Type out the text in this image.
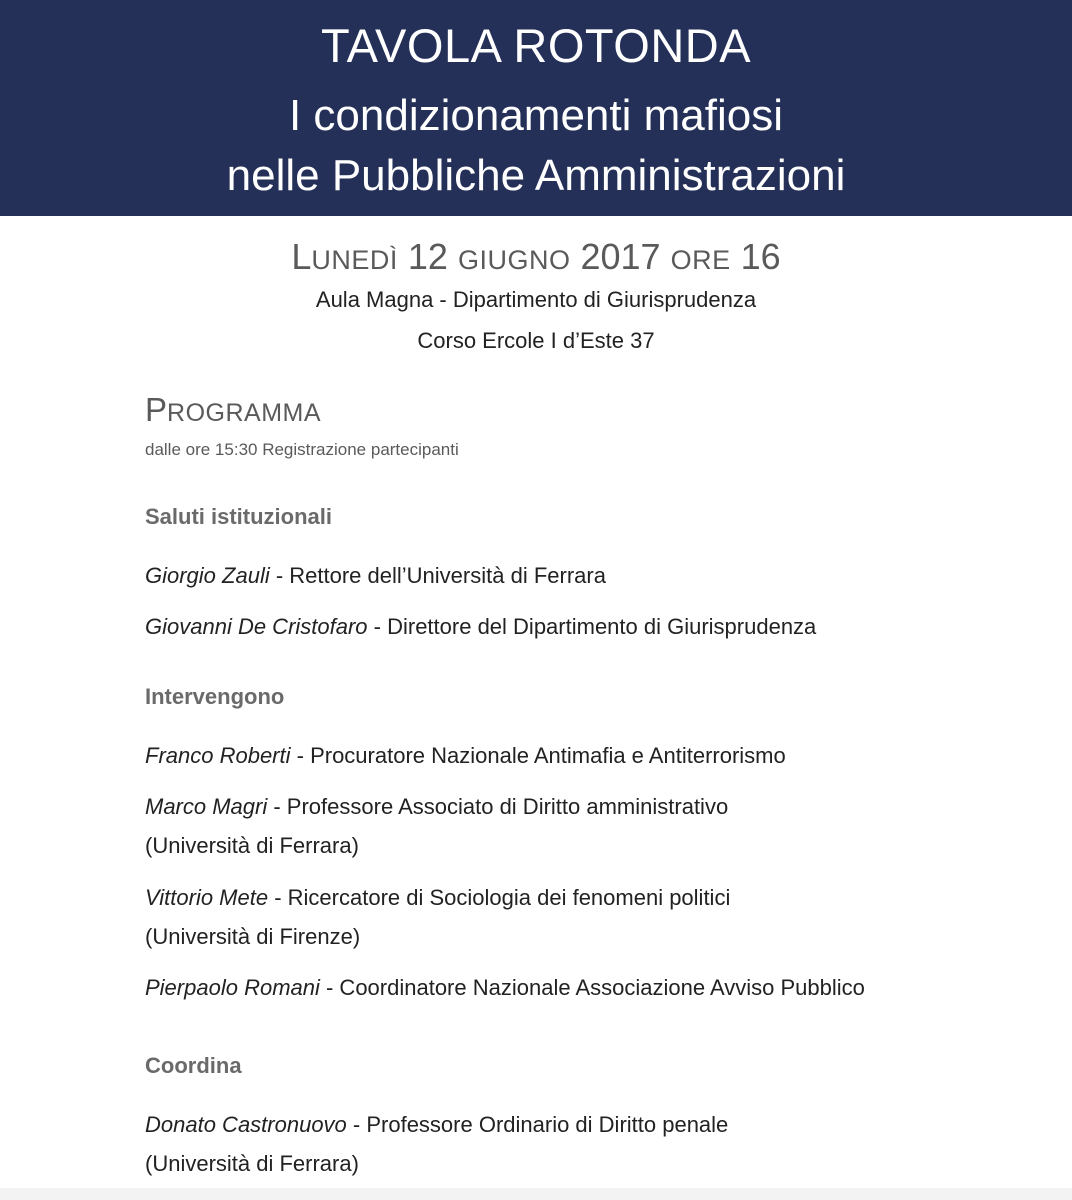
TAVOLA ROTONDA
I condizionamenti mafiosi
nelle Pubbliche Amministrazioni
LUNEDÌ 12 GIUGNO 2017 ORE 16
Aula Magna - Dipartimento di Giurisprudenza
Corso Ercole I d’Este 37
PROGRAMMA
dalle ore 15:30 Registrazione partecipanti
Saluti istituzionali
Giorgio Zauli - Rettore dell’Università di Ferrara
Giovanni De Cristofaro - Direttore del Dipartimento di Giurisprudenza
Intervengono
Franco Roberti - Procuratore Nazionale Antimafia e Antiterrorismo
Marco Magri - Professore Associato di Diritto amministrativo
(Università di Ferrara)
Vittorio Mete - Ricercatore di Sociologia dei fenomeni politici
(Università di Firenze)
Pierpaolo Romani - Coordinatore Nazionale Associazione Avviso Pubblico
Coordina
Donato Castronuovo - Professore Ordinario di Diritto penale
(Università di Ferrara)
